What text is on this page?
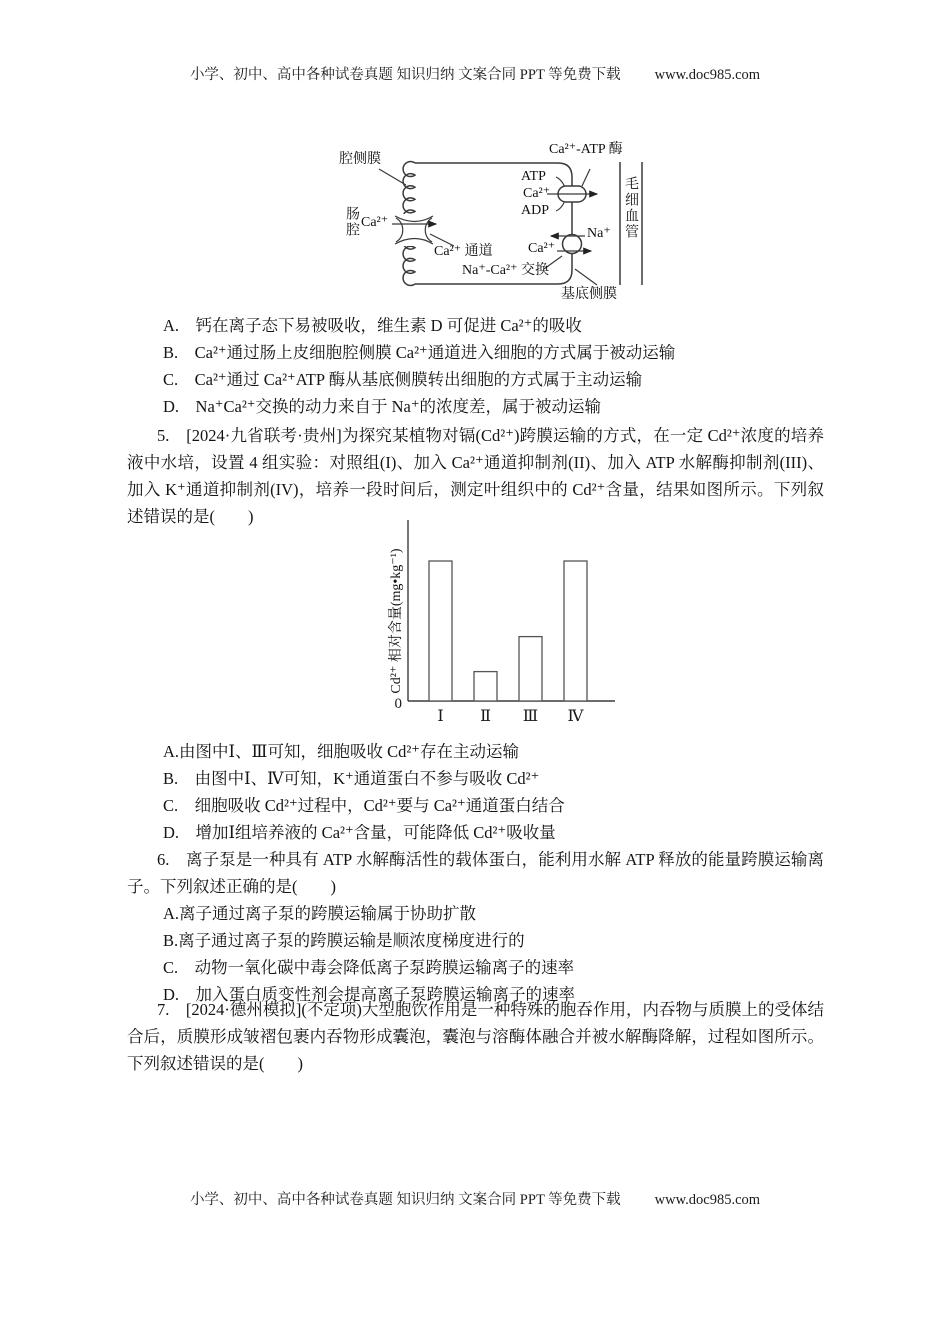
小学、初中、高中各种试卷真题 知识归纳 文案合同 PPT 等免费下载 www.doc985.com
腔侧膜
肠腔 Ca²⁺
Ca²⁺ 通道
Ca²⁺-ATP 酶
ATP
Ca²⁺
ADP
Na⁺
Ca²⁺
Na⁺-Ca²⁺ 交换
基底侧膜
毛细血管
A.　钙在离子态下易被吸收，维生素 D 可促进 Ca²⁺的吸收
B.　Ca²⁺通过肠上皮细胞腔侧膜 Ca²⁺通道进入细胞的方式属于被动运输
C.　Ca²⁺通过 Ca²⁺ATP 酶从基底侧膜转出细胞的方式属于主动运输
D.　Na⁺Ca²⁺交换的动力来自于 Na⁺的浓度差，属于被动运输
5.　[2024·九省联考·贵州]为探究某植物对镉(Cd²⁺)跨膜运输的方式，在一定 Cd²⁺浓度的培养液中水培，设置 4 组实验：对照组(I)、加入 Ca²⁺通道抑制剂(II)、加入 ATP 水解酶抑制剂(III)、加入 K⁺通道抑制剂(IV)，培养一段时间后，测定叶组织中的 Cd²⁺含量，结果如图所示。下列叙述错误的是(　　)
0
Ⅰ Ⅱ Ⅲ Ⅳ
Cd²⁺ 相对含量(mg•kg⁻¹)
A.由图中Ⅰ、Ⅲ可知，细胞吸收 Cd²⁺存在主动运输
B.　由图中Ⅰ、Ⅳ可知，K⁺通道蛋白不参与吸收 Cd²⁺
C.　细胞吸收 Cd²⁺过程中，Cd²⁺要与 Ca²⁺通道蛋白结合
D.　增加Ⅰ组培养液的 Ca²⁺含量，可能降低 Cd²⁺吸收量
6.　离子泵是一种具有 ATP 水解酶活性的载体蛋白，能利用水解 ATP 释放的能量跨膜运输离子。下列叙述正确的是(　　)
A.离子通过离子泵的跨膜运输属于协助扩散
B.离子通过离子泵的跨膜运输是顺浓度梯度进行的
C.　动物一氧化碳中毒会降低离子泵跨膜运输离子的速率
D.　加入蛋白质变性剂会提高离子泵跨膜运输离子的速率
7.　[2024·德州模拟](不定项)大型胞饮作用是一种特殊的胞吞作用，内吞物与质膜上的受体结合后，质膜形成皱褶包裹内吞物形成囊泡，囊泡与溶酶体融合并被水解酶降解，过程如图所示。下列叙述错误的是(　　)
小学、初中、高中各种试卷真题 知识归纳 文案合同 PPT 等免费下载 www.doc985.com
